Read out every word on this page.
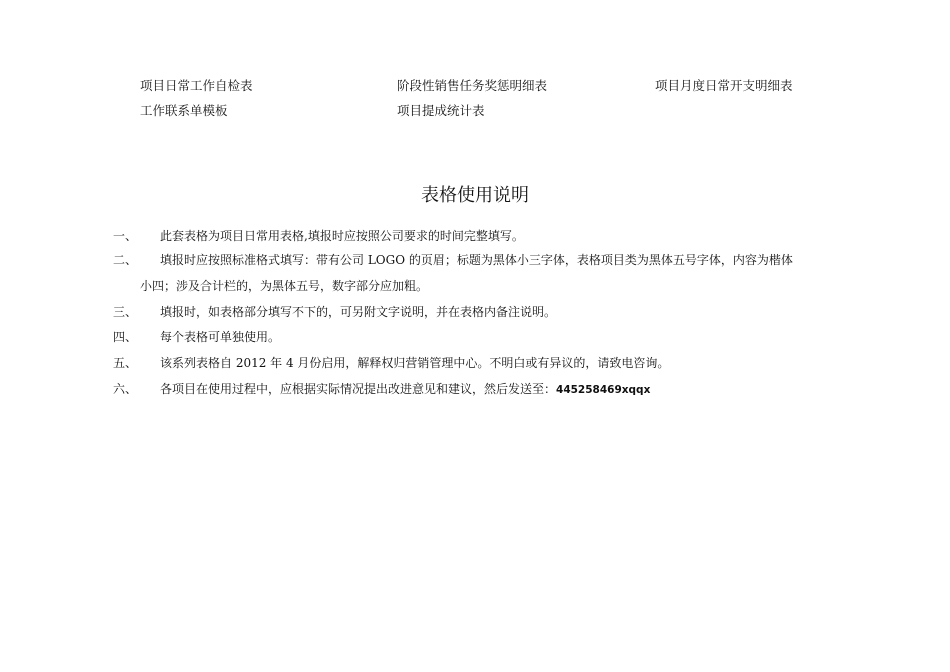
项目日常工作自检表	阶段性销售任务奖惩明细表	项目月度日常开支明细表
工作联系单模板	项目提成统计表
表格使用说明
一、	此套表格为项目日常用表格,填报时应按照公司要求的时间完整填写。
二、	填报时应按照标准格式填写：带有公司 LOGO 的页眉；标题为黑体小三字体，表格项目类为黑体五号字体，内容为楷体
小四；涉及合计栏的，为黑体五号，数字部分应加粗。
三、	填报时，如表格部分填写不下的，可另附文字说明，并在表格内备注说明。
四、	每个表格可单独使用。
五、	该系列表格自 2012 年 4 月份启用，解释权归营销管理中心。不明白或有异议的，请致电咨询。
六、	各项目在使用过程中，应根据实际情况提出改进意见和建议，然后发送至：445258469xqqx
